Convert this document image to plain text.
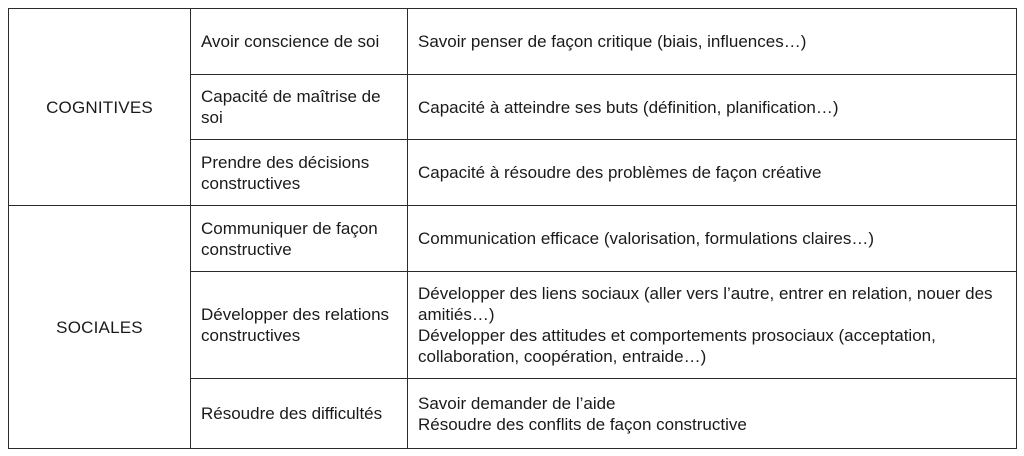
COGNITIVES	Avoir conscience de soi	Savoir penser de façon critique (biais, influences…)

	Capacité de maîtrise de soi	Capacité à atteindre ses buts (définition, planification…)

	Prendre des décisions constructives	Capacité à résoudre des problèmes de façon créative

SOCIALES	Communiquer de façon constructive	Communication efficace (valorisation, formulations claires…)

	Développer des relations constructives	Développer des liens sociaux (aller vers l’autre, entrer en relation, nouer des amitiés…)
Développer des attitudes et comportements prosociaux (acceptation, collaboration, coopération, entraide…)

	Résoudre des difficultés	Savoir demander de l’aide
Résoudre des conflits de façon constructive
